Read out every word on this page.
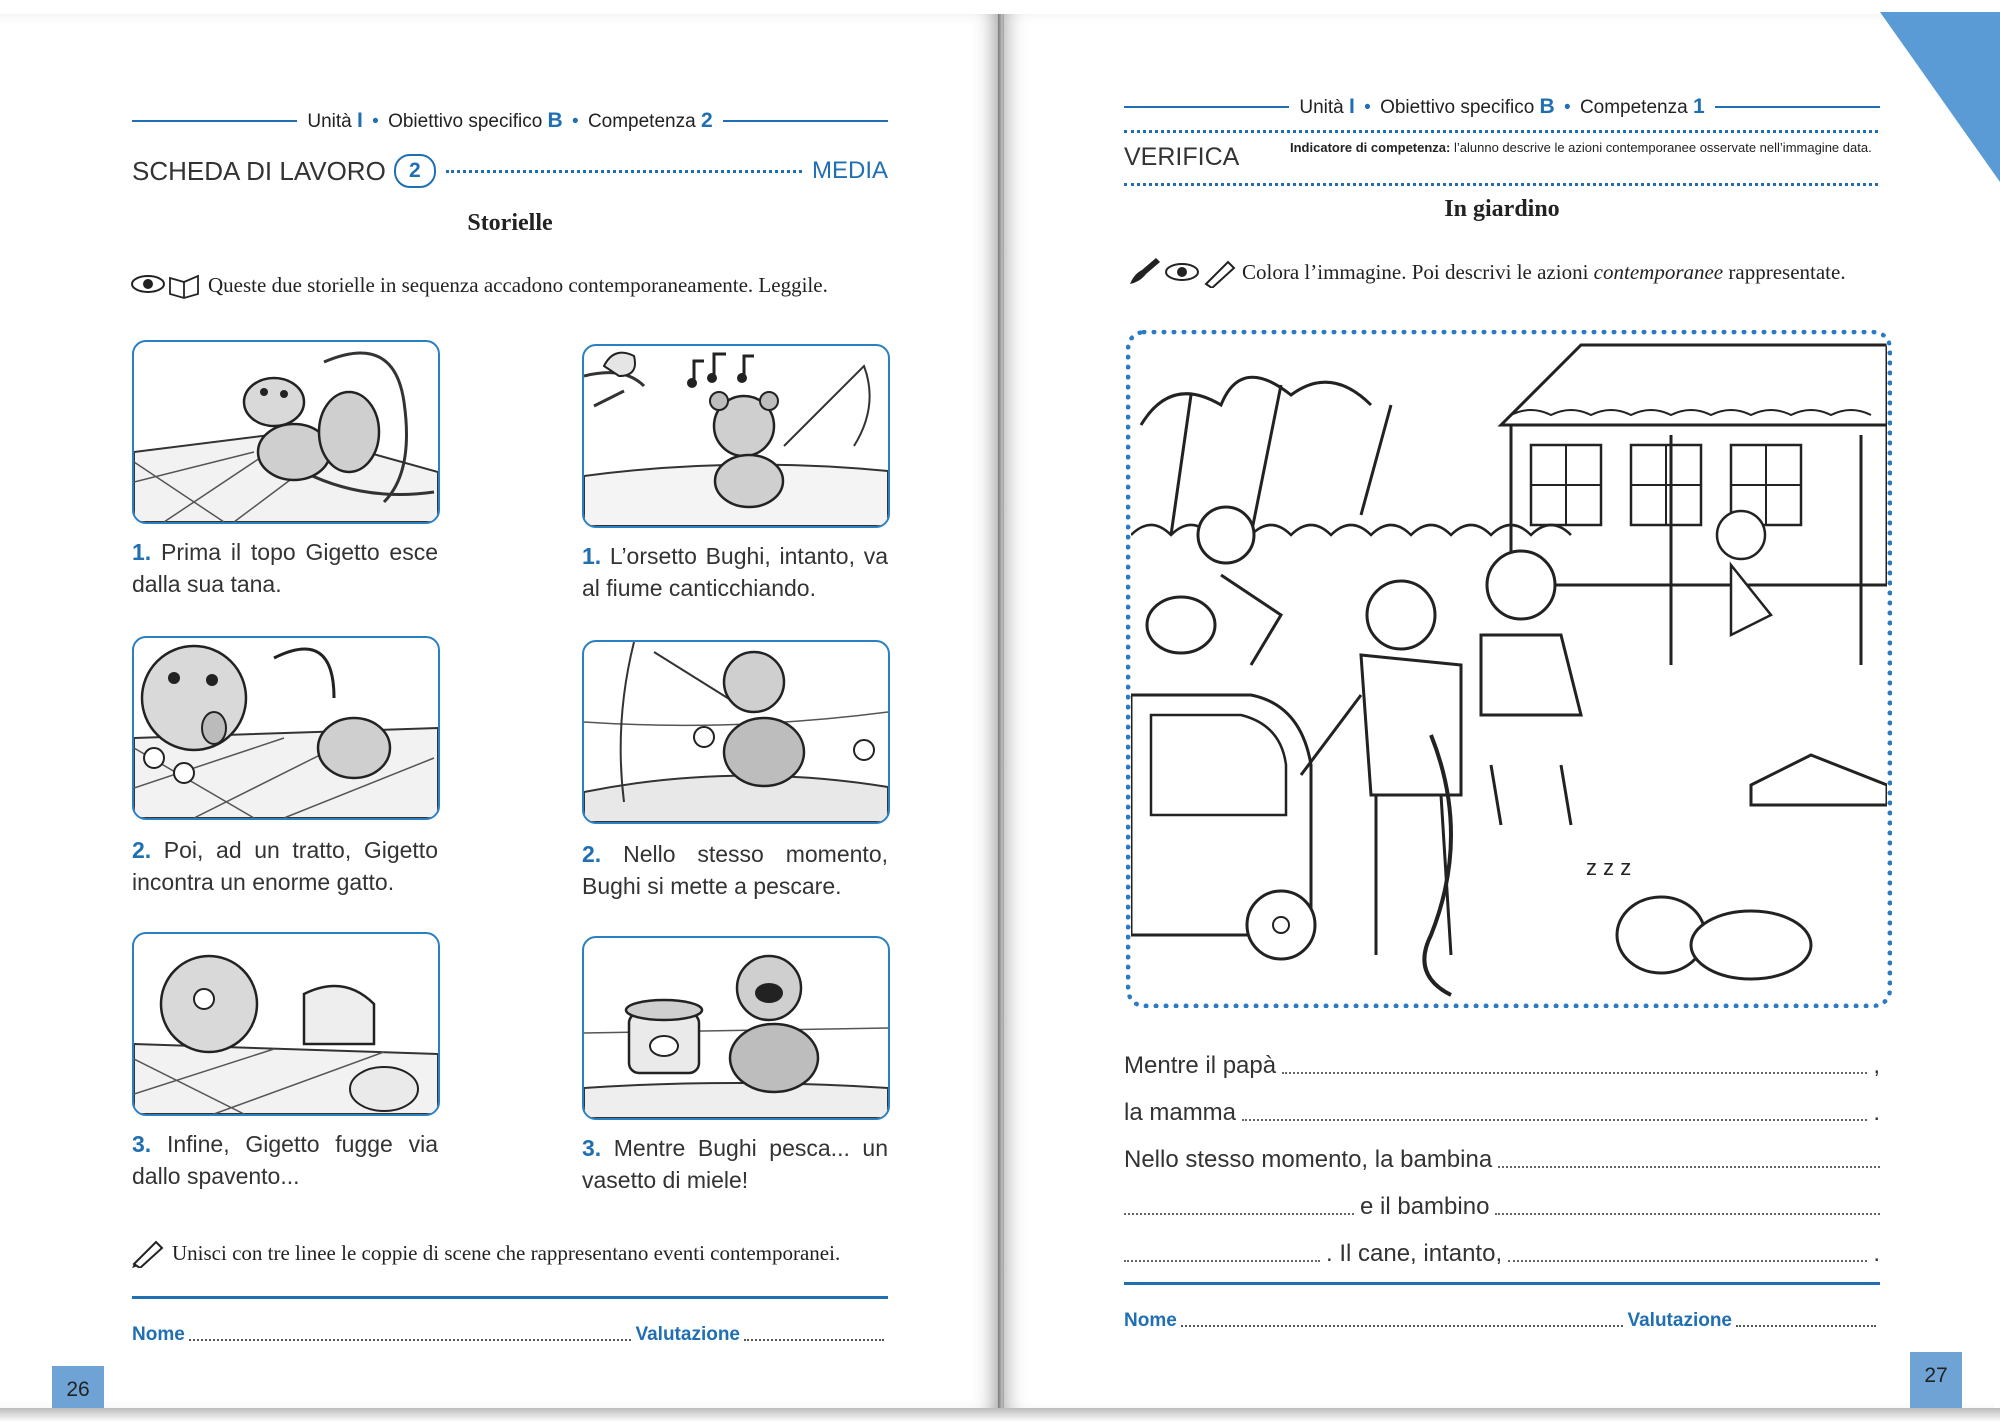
Unità I • Obiettivo specifico B • Competenza 2
SCHEDA DI LAVORO	2	MEDIA
Storielle
Queste due storielle in sequenza accadono contemporaneamente. Leggile.
1. Prima il topo Gigetto esce dalla sua tana.
1. L’orsetto Bughi, intanto, va al fiume canticchiando.
2. Poi, ad un tratto, Gigetto incontra un enorme gatto.
2. Nello stesso momento, Bughi si mette a pescare.
3. Infine, Gigetto fugge via dallo spavento...
3. Mentre Bughi pesca... un vasetto di miele!
Unisci con tre linee le coppie di scene che rappresentano eventi contemporanei.
Nome	Valutazione
26
Unità I • Obiettivo specifico B • Competenza 1
VERIFICA	Indicatore di competenza: l’alunno descrive le azioni contemporanee osservate nell’immagine data.
In giardino
Colora l’immagine. Poi descrivi le azioni
contemporanee
rappresentate.
z z z
Mentre il papà	,
la mamma	.
Nello stesso momento, la bambina
e il bambino
. Il cane, intanto,	.
Nome	Valutazione
27
